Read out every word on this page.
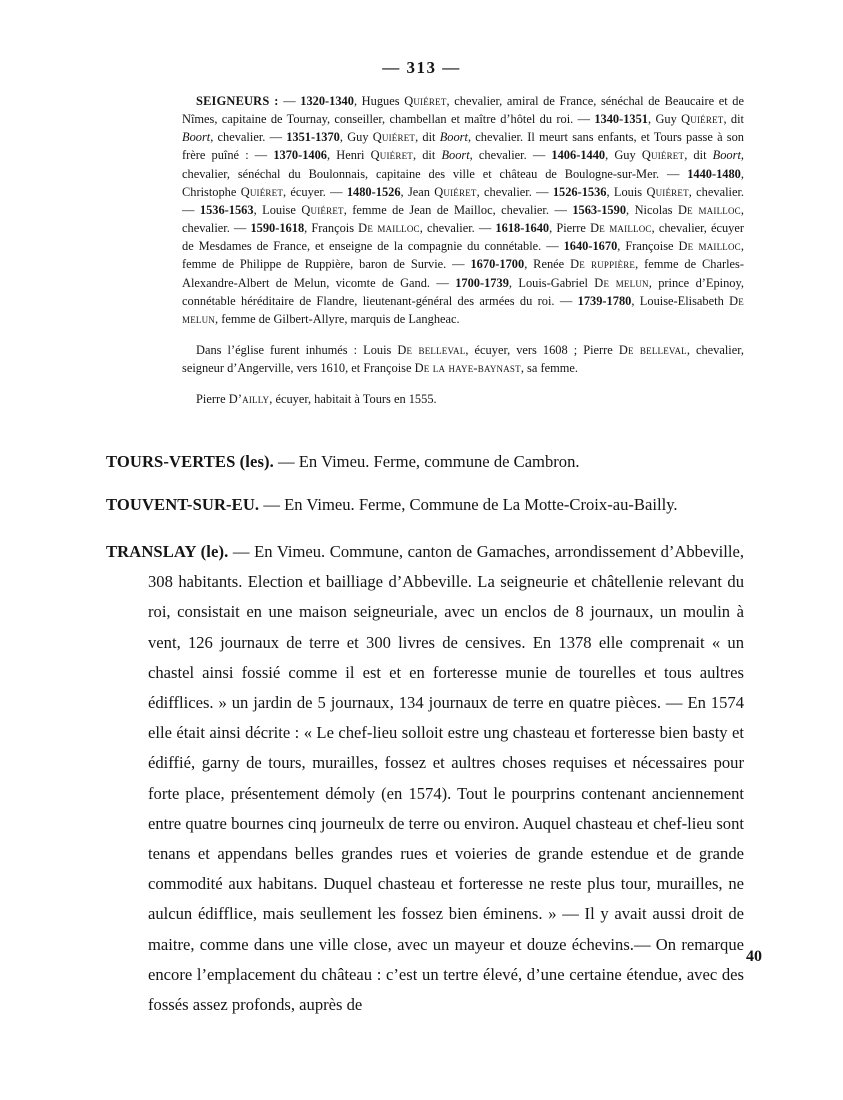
— 313 —

SEIGNEURS : — 1320-1340, Hugues Quiéret, chevalier, amiral de France, sénéchal de Beaucaire et de Nîmes, capitaine de Tournay, conseiller, chambellan et maître d’hôtel du roi. — 1340-1351, Guy Quiéret, dit Boort, chevalier. — 1351-1370, Guy Quiéret, dit Boort, chevalier. Il meurt sans enfants, et Tours passe à son frère puîné : — 1370-1406, Henri Quiéret, dit Boort, chevalier. — 1406-1440, Guy Quiéret, dit Boort, chevalier, sénéchal du Boulonnais, capitaine des ville et château de Boulogne-sur-Mer. — 1440-1480, Christophe Quiéret, écuyer. — 1480-1526, Jean Quiéret, chevalier. — 1526-1536, Louis Quiéret, chevalier. — 1536-1563, Louise Quiéret, femme de Jean de Mailloc, chevalier. — 1563-1590, Nicolas De mailloc, chevalier. — 1590-1618, François De mailloc, chevalier. — 1618-1640, Pierre De mailloc, chevalier, écuyer de Mesdames de France, et enseigne de la compagnie du connétable. — 1640-1670, Françoise De mailloc, femme de Philippe de Ruppière, baron de Survie. — 1670-1700, Renée De ruppière, femme de Charles-Alexandre-Albert de Melun, vicomte de Gand. — 1700-1739, Louis-Gabriel De melun, prince d’Epinoy, connétable héréditaire de Flandre, lieutenant-général des armées du roi. — 1739-1780, Louise-Elisabeth De melun, femme de Gilbert-Allyre, marquis de Langheac.

Dans l’église furent inhumés : Louis De belleval, écuyer, vers 1608 ; Pierre De belleval, chevalier, seigneur d’Angerville, vers 1610, et Françoise De la haye-baynast, sa femme.

Pierre D’ailly, écuyer, habitait à Tours en 1555.

TOURS-VERTES (les). — En Vimeu. Ferme, commune de Cambron.

TOUVENT-SUR-EU. — En Vimeu. Ferme, Commune de La Motte-Croix-au-Bailly.

TRANSLAY (le). — En Vimeu. Commune, canton de Gamaches, arrondissement d’Abbeville, 308 habitants. Election et bailliage d’Abbeville. La seigneurie et châtellenie relevant du roi, consistait en une maison seigneuriale, avec un enclos de 8 journaux, un moulin à vent, 126 journaux de terre et 300 livres de censives. En 1378 elle comprenait « un chastel ainsi fossié comme il est et en forteresse munie de tourelles et tous aultres édifflices. » un jardin de 5 journaux, 134 journaux de terre en quatre pièces. — En 1574 elle était ainsi décrite : « Le chef-lieu solloit estre ung chasteau et forteresse bien basty et édiffié, garny de tours, murailles, fossez et aultres choses requises et nécessaires pour forte place, présentement démoly (en 1574). Tout le pourprins contenant anciennement entre quatre bournes cinq journeulx de terre ou environ. Auquel chasteau et chef-lieu sont tenans et appendans belles grandes rues et voieries de grande estendue et de grande commodité aux habitans. Duquel chasteau et forteresse ne reste plus tour, murailles, ne aulcun édifflice, mais seullement les fossez bien éminens. » — Il y avait aussi droit de maitre, comme dans une ville close, avec un mayeur et douze échevins.— On remarque encore l’emplacement du château : c’est un tertre élevé, d’une certaine étendue, avec des fossés assez profonds, auprès de

40
